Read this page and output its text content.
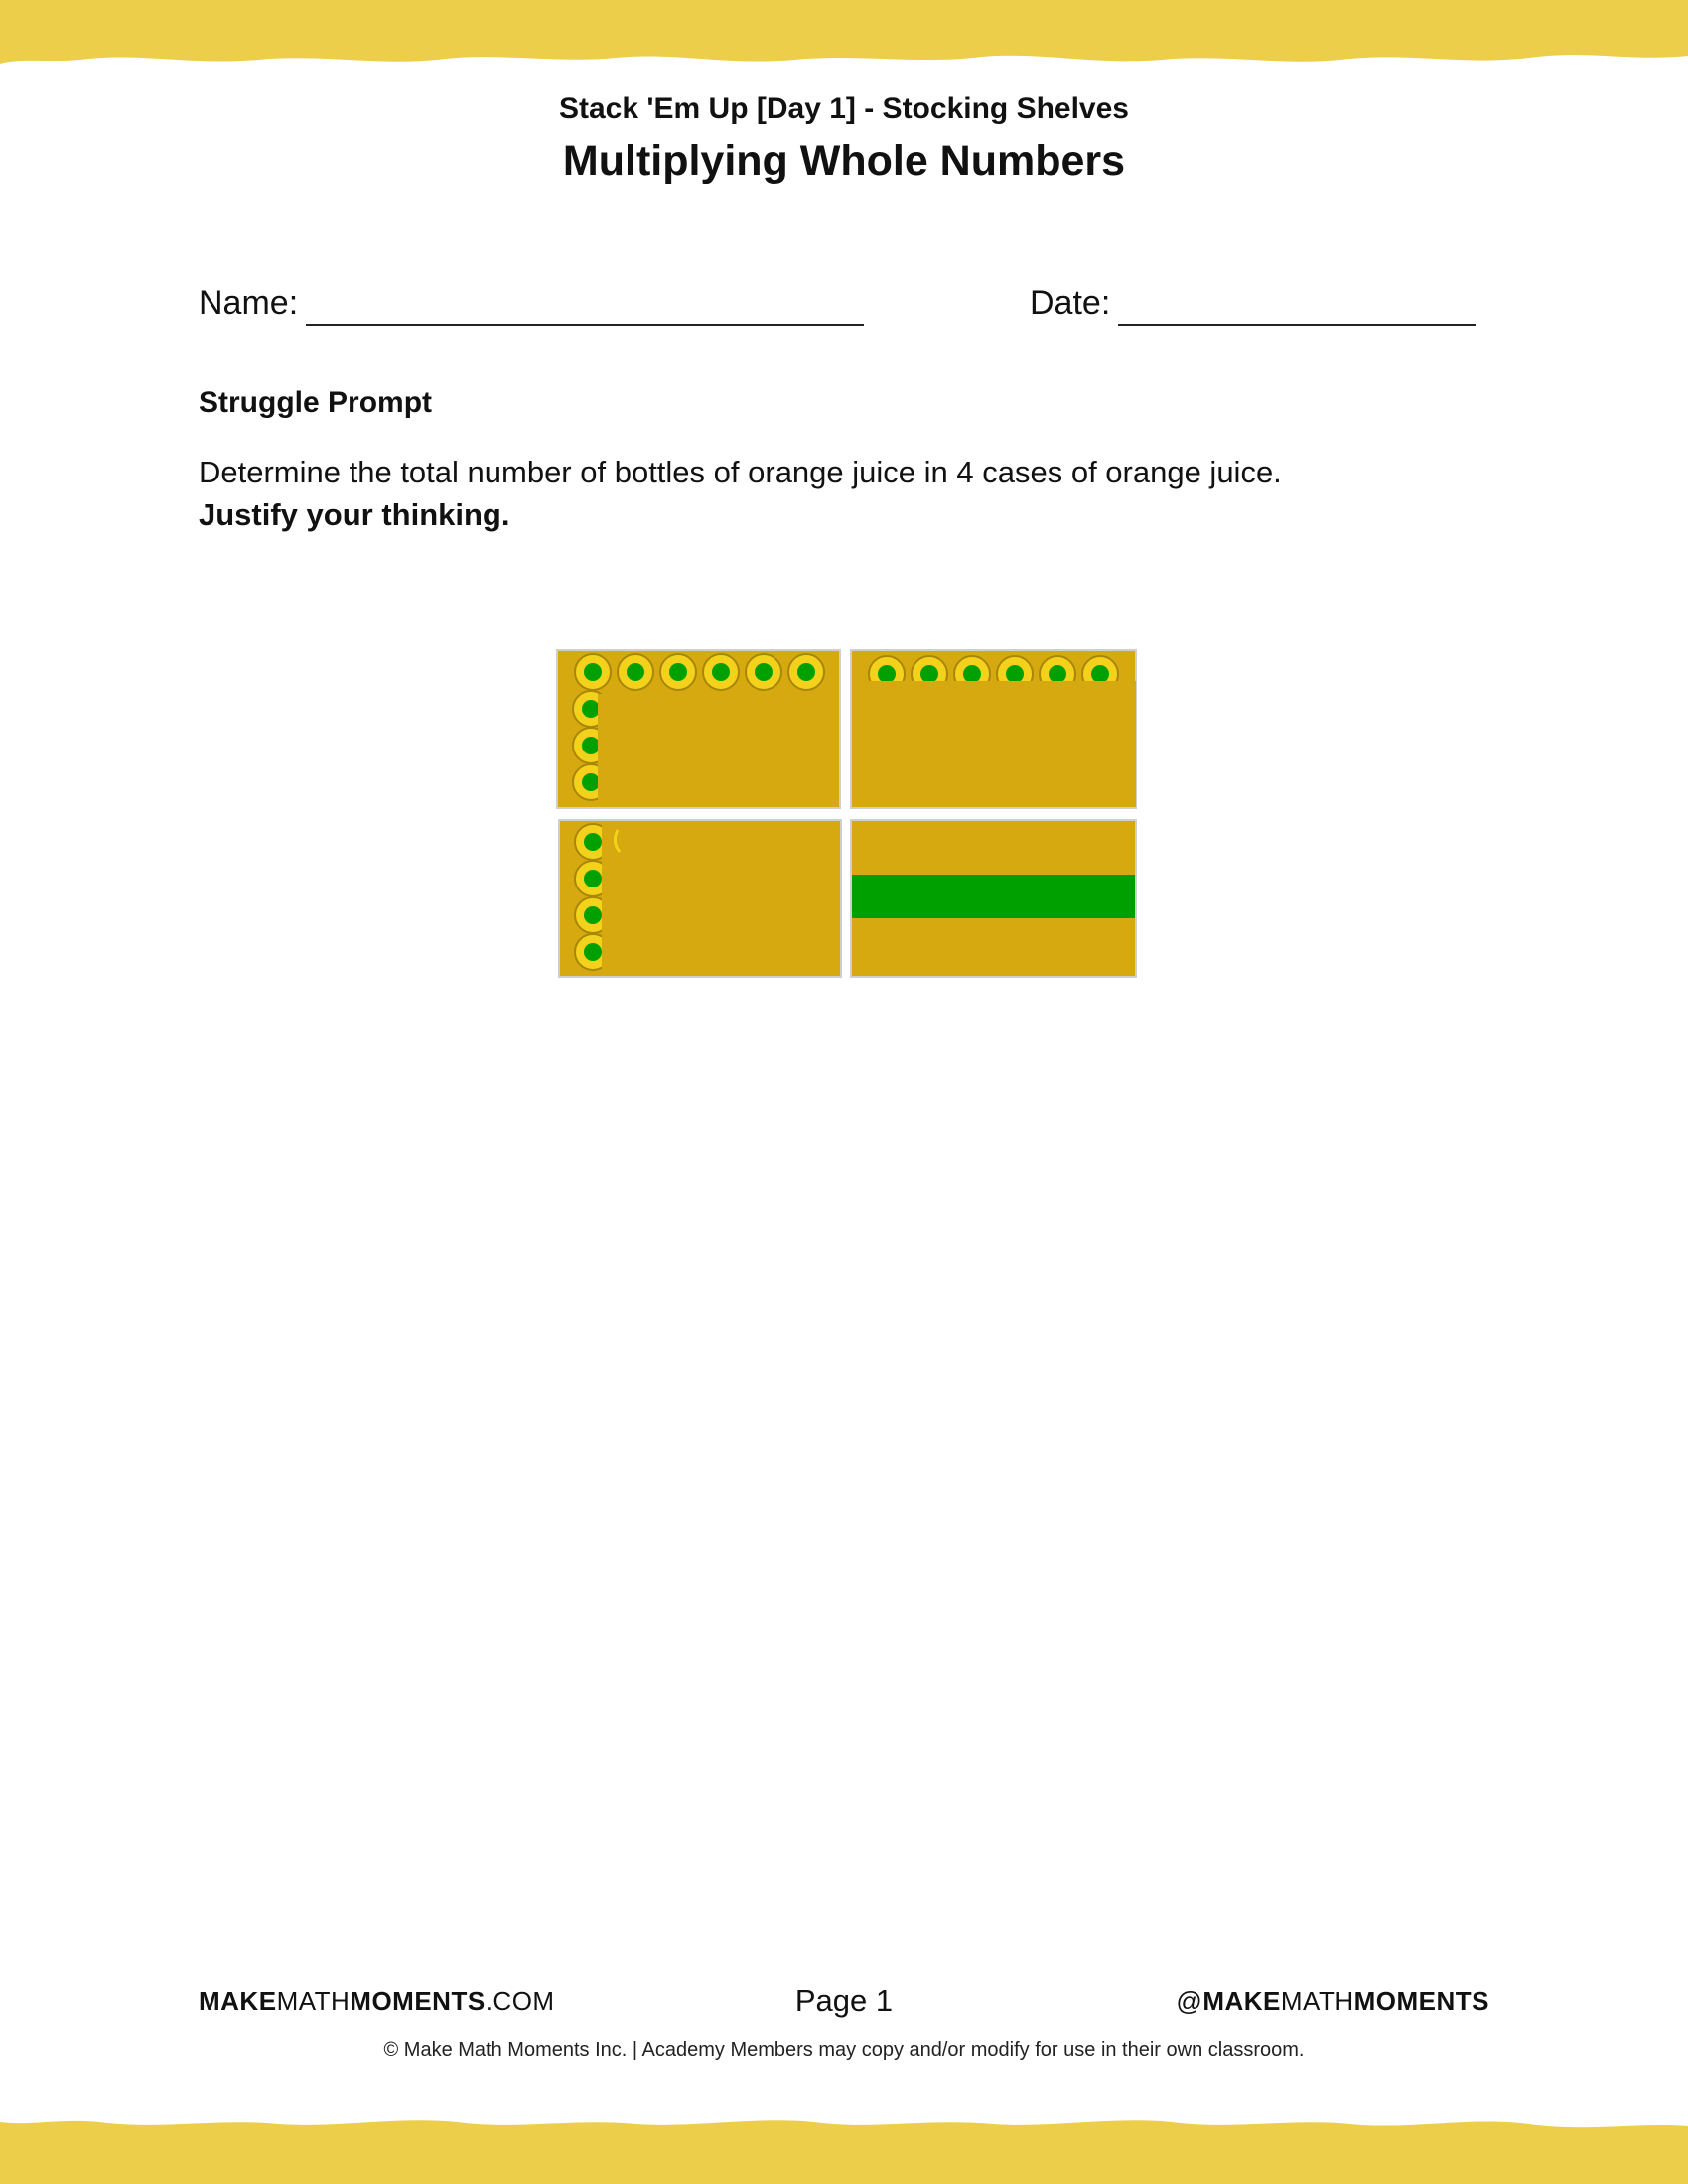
Stack 'Em Up [Day 1] - Stocking Shelves
Multiplying Whole Numbers
Name:	Date:
Struggle Prompt
Determine the total number of bottles of orange juice in 4 cases of orange juice.
Justify your thinking.
MAKEMATHMOMENTS.COM	Page 1	@MAKEMATHMOMENTS
© Make Math Moments Inc. | Academy Members may copy and/or modify for use in their own classroom.
